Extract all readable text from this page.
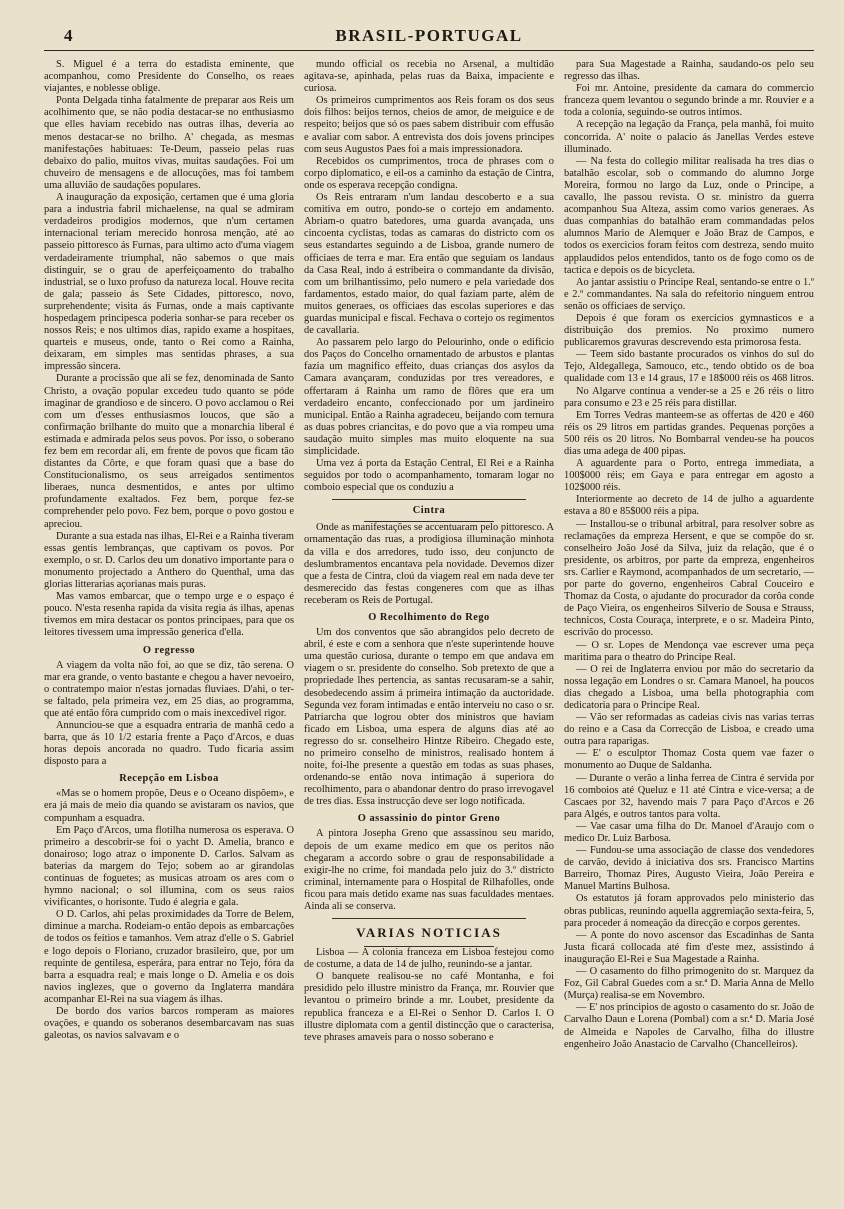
4	BRASIL-PORTUGAL

S. Miguel é a terra do estadista eminente, que acompanhou, como Presidente do Conselho, os reaes viajantes, e noblesse oblige.

Ponta Delgada tinha fatalmente de preparar aos Reis um acolhimento que, se não podia destacar-se no enthusiasmo que elles haviam recebido nas outras ilhas, deveria ao menos destacar-se no brilho. A' chegada, as mesmas manifestações habituaes: Te-Deum, passeio pelas ruas debaixo do palio, muitos vivas, muitas saudações. Foi um chuveiro de mensagens e de allocuções, mas foi tambem uma alluvião de saudações populares.

A inauguração da exposição, certamen que é uma gloria para a industria fabril michaelense, na qual se admiram verdadeiros prodigios modernos, que n'um certamen internacional teriam merecido honrosa menção, até ao passeio pittoresco ás Furnas, para ultimo acto d'uma viagem verdadeiramente triumphal, não sabemos o que mais distinguir, se o grau de aperfeiçoamento do trabalho industrial, se o luxo profuso da natureza local. Houve recita de gala; passeio ás Sete Cidades, pittoresco, novo, surprehendente; visita ás Furnas, onde a mais captivante hospedagem principesca poderia sonhar-se para receber os nossos Reis; e nos ultimos dias, rapido exame a hospitaes, quarteis e museus, onde, tanto o Rei como a Rainha, deixaram, em simples mas sentidas phrases, a sua impressão sincera.

Durante a procissão que ali se fez, denominada de Santo Christo, a ovação popular excedeu tudo quanto se póde imaginar de grandioso e de sincero. O povo acclamou o Rei com um d'esses enthusiasmos loucos, que são a confirmação brilhante do muito que a monarchia liberal é estimada e admirada pelos seus povos. Por isso, o soberano fez bem em recordar ali, em frente de povos que ficam tão distantes da Côrte, e que foram quasi que a base do Constitucionalismo, os seus arreigados sentimentos liberaes, nunca desmentidos, e antes por ultimo profundamente exaltados. Fez bem, porque fez-se comprehender pelo povo. Fez bem, porque o povo gostou e apreciou.

Durante a sua estada nas ilhas, El-Rei e a Rainha tiveram essas gentis lembranças, que captivam os povos. Por exemplo, o sr. D. Carlos deu um donativo importante para o monumento projectado a Anthero do Quenthal, uma das glorias litterarias açorianas mais puras.

Mas vamos embarcar, que o tempo urge e o espaço é pouco. N'esta resenha rapida da visita regia ás ilhas, apenas tivemos em mira destacar os pontos principaes, para que os leitores tivessem uma impressão generica d'ella.

O regresso

A viagem da volta não foi, ao que se diz, tão serena. O mar era grande, o vento bastante e chegou a haver nevoeiro, o contratempo maior n'estas jornadas fluviaes. D'ahi, o ter-se faltado, pela primeira vez, em 25 dias, ao programma, que até então fôra cumprido com o mais inexcedivel rigor.

Annunciou-se que a esquadra entraria de manhã cedo a barra, que ás 10 1/2 estaria frente a Paço d'Arcos, e duas horas depois ancorada no quadro. Tudo ficaria assim disposto para a

Recepção em Lisboa

«Mas se o homem propõe, Deus e o Oceano dispõem», e era já mais de meio dia quando se avistaram os navios, que compunham a esquadra.

Em Paço d'Arcos, uma flotilha numerosa os esperava. O primeiro a descobrir-se foi o yacht D. Amelia, branco e donairoso; logo atraz o imponente D. Carlos. Salvam as baterias da margem do Tejo; sobem ao ar girandolas continuas de foguetes; as musicas atroam os ares com o hymno nacional; o sol illumina, com os seus raios vivificantes, o horisonte. Tudo é alegria e gala.

O D. Carlos, ahi pelas proximidades da Torre de Belem, diminue a marcha. Rodeiam-o então depois as embarcações de todos os feitios e tamanhos. Vem atraz d'elle o S. Gabriel e logo depois o Floriano, cruzador brasileiro, que, por um requinte de gentilesa, esperára, para entrar no Tejo, fóra da barra a esquadra real; e mais longe o D. Amelia e os dois navios inglezes, que o governo da Inglaterra mandára acompanhar El-Rei na sua viagem ás ilhas.

De bordo dos varios barcos romperam as maiores ovações, e quando os soberanos desembarcavam nas suas galeotas, os navios salvavam e o

mundo official os recebia no Arsenal, a multidão agitava-se, apinhada, pelas ruas da Baixa, impaciente e curiosa.

Os primeiros cumprimentos aos Reis foram os dos seus dois filhos: beijos ternos, cheios de amor, de meiguice e de respeito; beijos que só os paes sabem distribuir com effusão e avaliar com sabor. A entrevista dos dois jovens principes com seus Augustos Paes foi a mais impressionadora.

Recebidos os cumprimentos, troca de phrases com o corpo diplomatico, e eil-os a caminho da estação de Cintra, onde os esperava recepção condigna.

Os Reis entraram n'um landau descoberto e a sua comitiva em outro, pondo-se o cortejo em andamento. Abriam-o quatro batedores, uma guarda avançada, uns cincoenta cyclistas, todas as camaras do districto com os seus estandartes seguindo a de Lisboa, grande numero de officiaes de terra e mar. Era então que seguiam os landaus da Casa Real, indo á estribeira o commandante da divisão, com um brilhantissimo, pelo numero e pela variedade dos fardamentos, estado maior, do qual faziam parte, além de muitos generaes, os officiaes das escolas superiores e das guardas municipal e fiscal. Fechava o cortejo os regimentos de cavallaria.

Ao passarem pelo largo do Pelourinho, onde o edificio dos Paços do Concelho ornamentado de arbustos e plantas fazia um magnifico effeito, duas crianças dos asylos da Camara avançaram, conduzidas por tres vereadores, e offertaram á Rainha um ramo de flôres que era um verdadeiro encanto, confeccionado por um jardineiro municipal. Então a Rainha agradeceu, beijando com ternura as duas pobres criancitas, e do povo que a via rompeu uma saudação muito simples mas muito eloquente na sua simplicidade.

Uma vez á porta da Estação Central, El Rei e a Rainha seguidos por todo o acompanhamento, tomaram logar no comboio especial que os conduziu a

Cintra

Onde as manifestações se accentuaram pelo pittoresco. A ornamentação das ruas, a prodigiosa illuminação minhota da villa e dos arredores, tudo isso, deu conjuncto de deslumbramentos encantava pela novidade. Devemos dizer que a festa de Cintra, cloú da viagem real em nada deve ter desmerecido das festas congeneres com que as ilhas receberam os Reis de Portugal.

O Recolhimento do Rego

Um dos conventos que são abrangidos pelo decreto de abril, é este e com a senhora que n'este superintende houve uma questão curiosa, durante o tempo em que andava em viagem o sr. presidente do conselho. Sob pretexto de que a propriedade lhes pertencia, as santas recusaram-se a sahir, desobedecendo assim á primeira intimação da auctoridade. Segunda vez foram intimadas e então interveiu no caso o sr. Patriarcha que logrou obter dos ministros que haviam ficado em Lisboa, uma espera de alguns dias até ao regresso do sr. conselheiro Hintze Ribeiro. Chegado este, no primeiro conselho de ministros, realisado hontem á noite, foi-lhe presente a questão em todas as suas phases, ordenando-se então nova intimação á superiora do recolhimento, para o abandonar dentro do praso irrevogavel de tres dias. Essa instrucção deve ser logo notificada.

O assassinio do pintor Greno

A pintora Josepha Greno que assassinou seu marido, depois de um exame medico em que os peritos não chegaram a accordo sobre o grau de responsabilidade a exigir-lhe no crime, foi mandada pelo juiz do 3.º districto criminal, internamente para o Hospital de Rilhafolles, onde ficou para mais detido exame nas suas faculdades mentaes. Ainda ali se conserva.

VARIAS NOTICIAS

Lisboa — A colonia franceza em Lisboa festejou como de costume, a data de 14 de julho, reunindo-se a jantar.

O banquete realisou-se no café Montanha, e foi presidido pelo illustre ministro da França, mr. Rouvier que levantou o primeiro brinde a mr. Loubet, presidente da republica franceza e a El-Rei o Senhor D. Carlos I. O illustre diplomata com a gentil distincção que o caracterisa, teve phrases amaveis para o nosso soberano e

para Sua Magestade a Rainha, saudando-os pelo seu regresso das ilhas.

Foi mr. Antoine, presidente da camara do commercio franceza quem levantou o segundo brinde a mr. Rouvier e a toda a colonia, seguindo-se outros intimos.

A recepção na legação da França, pela manhã, foi muito concorrida. A' noite o palacio ás Janellas Verdes esteve illuminado.

— Na festa do collegio militar realisada ha tres dias o batalhão escolar, sob o commando do alumno Jorge Moreira, formou no largo da Luz, onde o Principe, a cavallo, lhe passou revista. O sr. ministro da guerra acompanhou Sua Alteza, assim como varios generaes. As duas companhias do batalhão eram commandadas pelos alumnos Mario de Alemquer e João Braz de Campos, e todos os exercicios foram feitos com destreza, sendo muito applaudidos pelos entendidos, tanto os de fogo como os de tactica e depois os de bicycleta.

Ao jantar assistiu o Principe Real, sentando-se entre o 1.º e 2.º commandantes. Na sala do refeitorio ninguem entrou senão os officiaes de serviço.

Depois é que foram os exercicios gymnasticos e a distribuição dos premios. No proximo numero publicaremos gravuras descrevendo esta primorosa festa.

— Teem sido bastante procurados os vinhos do sul do Tejo, Aldegallega, Samouco, etc., tendo obtido os de boa qualidade com 13 e 14 graus, 17 e 18$000 réis os 468 litros.

No Algarve continua a vender-se a 25 e 26 réis o litro para consumo e 23 e 25 réis para distillar.

Em Torres Vedras manteem-se as offertas de 420 e 460 réis os 29 litros em partidas grandes. Pequenas porções a 500 réis os 20 litros. No Bombarral vendeu-se ha poucos dias uma adega de 400 pipas.

A aguardente para o Porto, entrega immediata, a 100$000 réis; em Gaya e para entregar em agosto a 102$000 réis.

Interiormente ao decreto de 14 de julho a aguardente estava a 80 e 85$000 réis a pipa.

— Installou-se o tribunal arbitral, para resolver sobre as reclamações da empreza Hersent, e que se compõe do sr. conselheiro João José da Silva, juiz da relação, que é o presidente, os arbitros, por parte da empreza, engenheiros srs. Carlier e Raymond, acompanhados de um secretario, — por parte do governo, engenheiros Cabral Couceiro e Thomaz da Costa, o ajudante do procurador da corôa conde de Paço Vieira, os engenheiros Silverio de Sousa e Strauss, technicos, Costa Couraça, interprete, e o sr. Madeira Pinto, escrivão do processo.

— O sr. Lopes de Mendonça vae escrever uma peça maritima para o theatro do Principe Real.

— O rei de Inglaterra enviou por mão do secretario da nossa legação em Londres o sr. Camara Manoel, ha poucos dias chegado a Lisboa, uma bella photographia com dedicatoria para o Principe Real.

— Vão ser reformadas as cadeias civis nas varias terras do reino e a Casa da Correcção de Lisboa, e creado uma outra para raparigas.

— E' o esculptor Thomaz Costa quem vae fazer o monumento ao Duque de Saldanha.

— Durante o verão a linha ferrea de Cintra é servida por 16 comboios até Queluz e 11 até Cintra e vice-versa; a de Cascaes por 32, havendo mais 7 para Paço d'Arcos e 26 para Algés, e outros tantos para volta.

— Vae casar uma filha do Dr. Manoel d'Araujo com o medico Dr. Luiz Barbosa.

— Fundou-se uma associação de classe dos vendedores de carvão, devido á iniciativa dos srs. Francisco Martins Barreiro, Thomaz Pires, Augusto Vieira, João Pereira e Manuel Martins Bulhosa.

Os estatutos já foram approvados pelo ministerio das obras publicas, reunindo aquella aggremiação sexta-feira, 5, para proceder á nomeação da direcção e corpos gerentes.

— A ponte do novo ascensor das Escadinhas de Santa Justa ficará collocada até fim d'este mez, assistindo á inauguração El-Rei e Sua Magestade a Rainha.

— O casamento do filho primogenito do sr. Marquez da Foz, Gil Cabral Guedes com a sr.ª D. Maria Anna de Mello (Murça) realisa-se em Novembro.

— E' nos principios de agosto o casamento do sr. João de Carvalho Daun e Lorena (Pombal) com a sr.ª D. Maria José de Almeida e Napoles de Carvalho, filha do illustre engenheiro João Anastacio de Carvalho (Chancelleiros).
